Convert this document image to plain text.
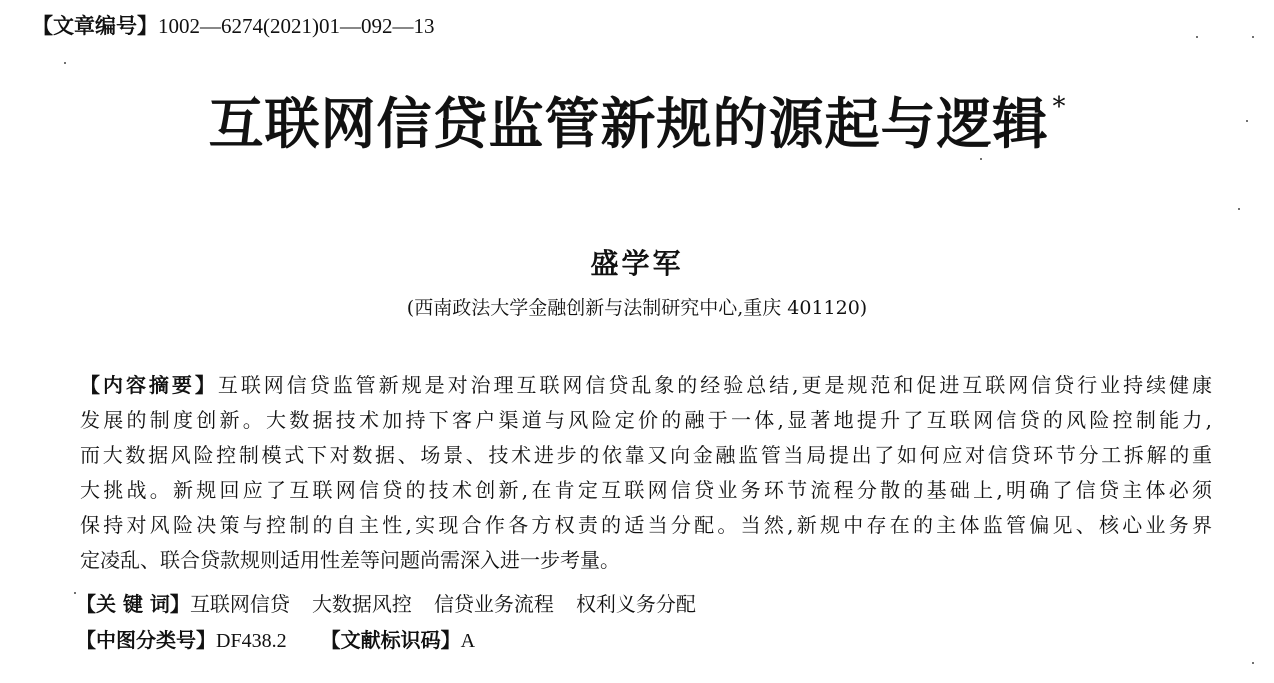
【文章编号】1002—6274(2021)01—092—13
互联网信贷监管新规的源起与逻辑 *
盛学军
(西南政法大学金融创新与法制研究中心,重庆 401120)
【内容摘要】互联网信贷监管新规是对治理互联网信贷乱象的经验总结,更是规范和促进互联网信贷行业持续健康
发展的制度创新。大数据技术加持下客户渠道与风险定价的融于一体,显著地提升了互联网信贷的风险控制能力,
而大数据风险控制模式下对数据、场景、技术进步的依靠又向金融监管当局提出了如何应对信贷环节分工拆解的重
大挑战。新规回应了互联网信贷的技术创新,在肯定互联网信贷业务环节流程分散的基础上,明确了信贷主体必须
保持对风险决策与控制的自主性,实现合作各方权责的适当分配。当然,新规中存在的主体监管偏见、核心业务界
定凌乱、联合贷款规则适用性差等问题尚需深入进一步考量。
【关 键 词】互联网信贷 大数据风控 信贷业务流程 权利义务分配
【中图分类号】DF438.2 【文献标识码】A
